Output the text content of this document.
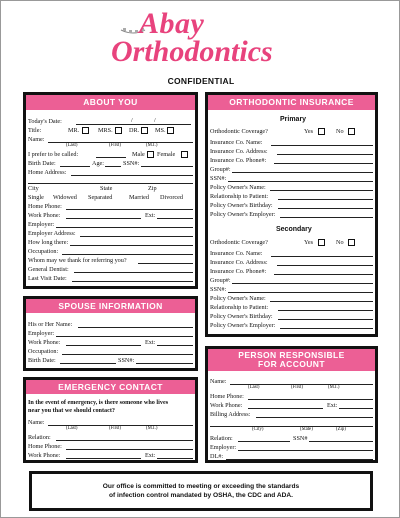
Abay
Orthodontics
CONFIDENTIAL
ABOUT YOU
Today's Date:	/	/
Title:	MR.	MRS.	DR.	MS.
Name:
(Last)	(First)	(M.I.)
I prefer to be called:	Male Female
Birth Date:	Age:	SSN#:
Home Address:
City	State	Zip
Single Widowed Separated	Married Divorced
Home Phone:
Work Phone:	Ext:
Employer:
Employer Address:
How long there:
Occupation:
Whom may we thank for referring you?
General Dentist:
Last Visit Date:
SPOUSE INFORMATION
His or Her Name:
Employer:
Work Phone:	Ext:
Occupation:
Birth Date:	SSN#:
EMERGENCY CONTACT
In the event of emergency, is there someone who lives
near you that we should contact?
Name:
(Last)	(First)	(M.I.)
Relation:
Home Phone:
Work Phone:	Ext:
ORTHODONTIC INSURANCE
Primary
Orthodontic Coverage?	Yes	No
Insurance Co. Name:
Insurance Co. Address:
Insurance Co. Phone#:
Group#:
SSN#:
Policy Owner's Name:
Relationship to Patient:
Policy Owner's Birthday:
Policy Owner's Employer:
Secondary
Orthodontic Coverage?	Yes	No
Insurance Co. Name:
Insurance Co. Address:
Insurance Co. Phone#:
Group#:
SSN#:
Policy Owner's Name:
Relationship to Patient:
Policy Owner's Birthday:
Policy Owner's Employer:
PERSON RESPONSIBLE
FOR ACCOUNT
Name:
(Last)	(First)	(M.I.)
Home Phone:
Work Phone:	Ext:
Billing Address:
(City)	(State)	(Zip)
Relation:	SSN#
Employer:
DL#:
Our office is committed to meeting or exceeding the standards
of infection control mandated by OSHA, the CDC and ADA.
